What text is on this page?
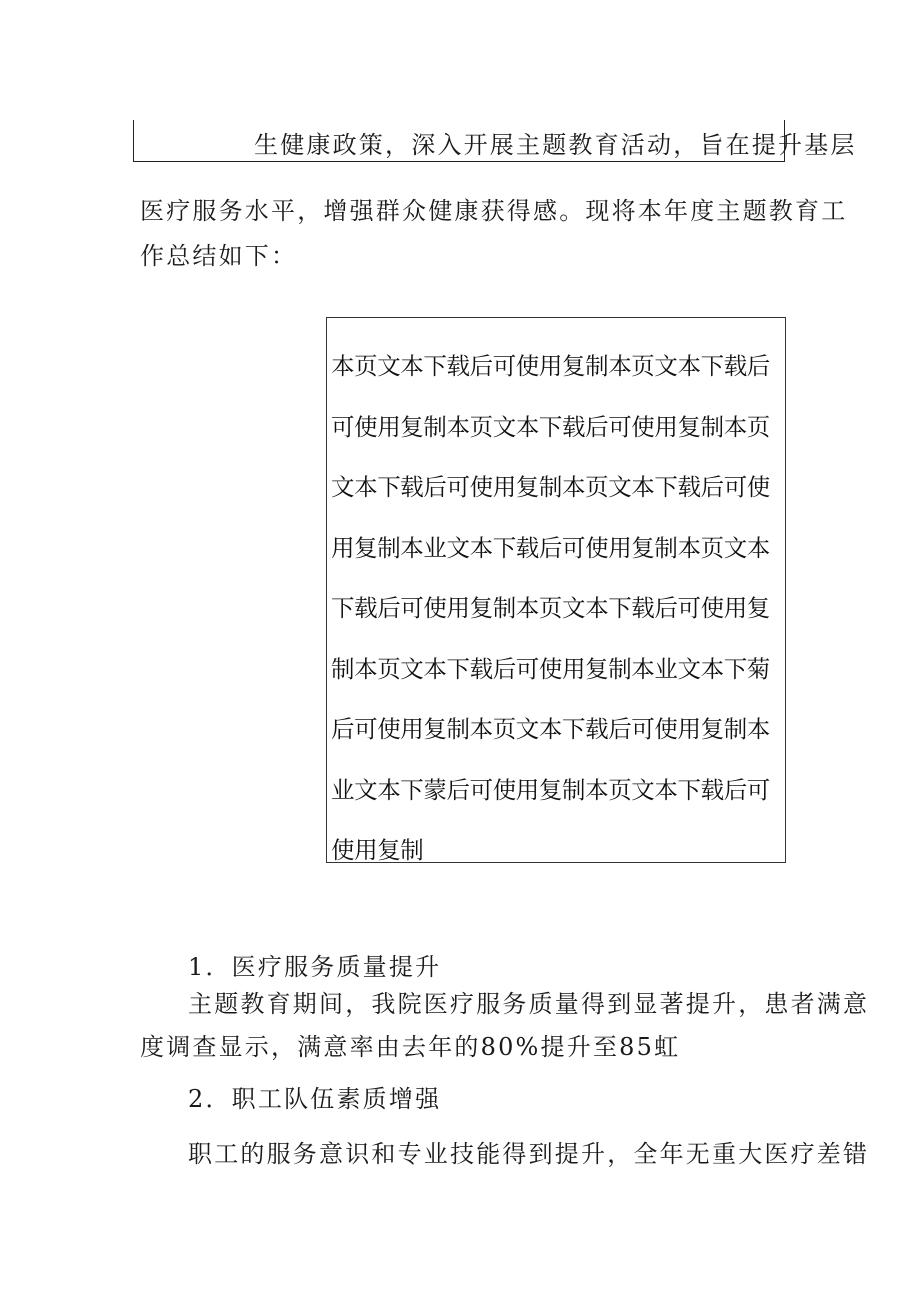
生健康政策，深入开展主题教育活动，旨在提升基层
医疗服务水平，增强群众健康获得感。现将本年度主题教育工
作总结如下：
本页文本下载后可使用复制本页文本下载后
可使用复制本页文本下载后可使用复制本页
文本下载后可使用复制本页文本下载后可使
用复制本业文本下载后可使用复制本页文本
下载后可使用复制本页文本下载后可使用复
制本页文本下载后可使用复制本业文本下菊
后可使用复制本页文本下载后可使用复制本
业文本下蒙后可使用复制本页文本下载后可
使用复制
1．医疗服务质量提升
主题教育期间，我院医疗服务质量得到显著提升，患者满意
度调查显示，满意率由去年的80%提升至85虹
2．职工队伍素质增强
职工的服务意识和专业技能得到提升，全年无重大医疗差错
